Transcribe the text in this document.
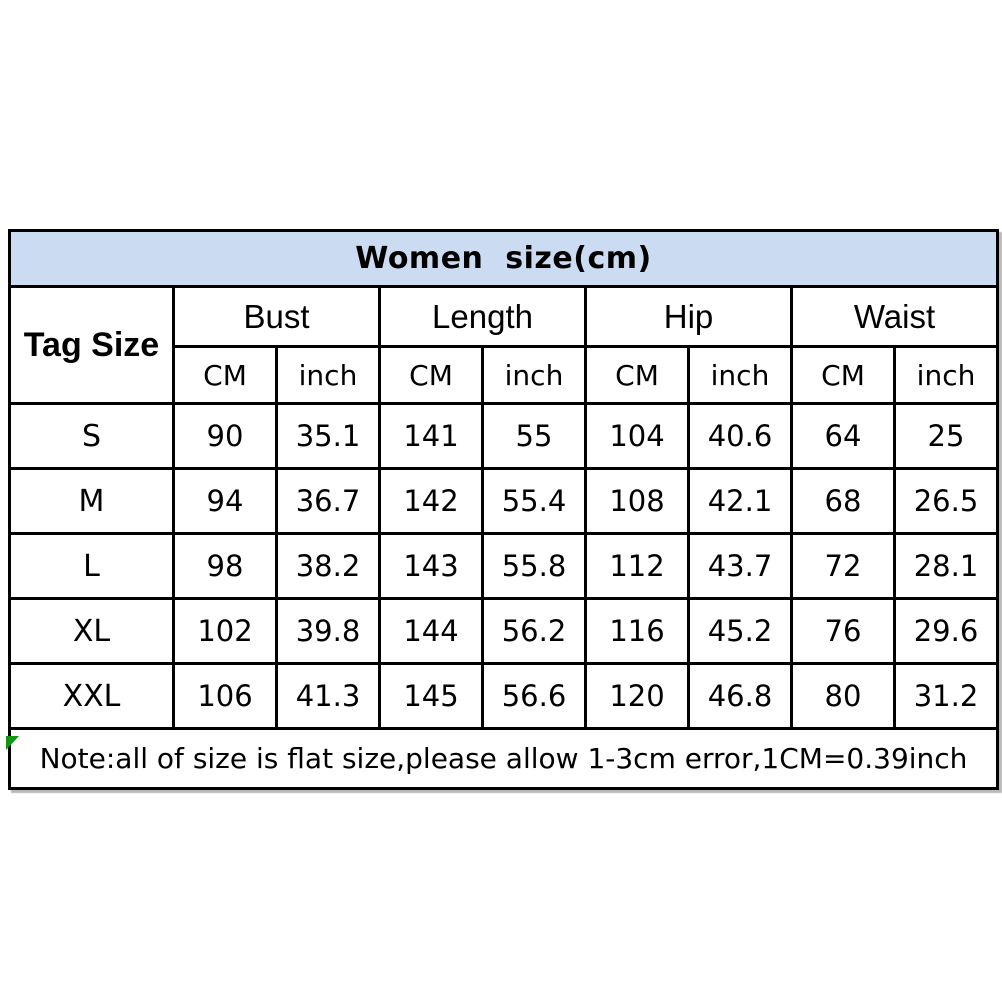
Women  size(cm)								
Tag Size	Bust		Length		Hip		Waist	
	CM	inch	CM	inch	CM	inch	CM	inch
S	90	35.1	141	55	104	40.6	64	25
M	94	36.7	142	55.4	108	42.1	68	26.5
L	98	38.2	143	55.8	112	43.7	72	28.1
XL	102	39.8	144	56.2	116	45.2	76	29.6
XXL	106	41.3	145	56.6	120	46.8	80	31.2
Note:all of size is flat size,please allow 1-3cm error,1CM=0.39inch								
